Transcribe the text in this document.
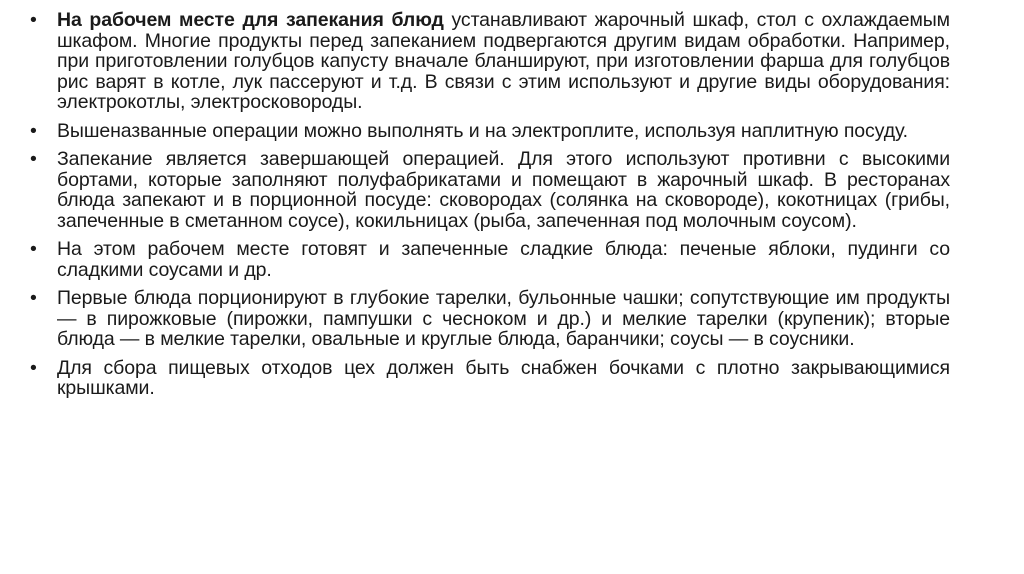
•	На рабочем месте для запекания блюд устанавливают жарочный шкаф, стол с охлаждаемым шкафом. Многие продукты перед запеканием подвергаются другим видам обработки. Например, при приготовлении голубцов капусту вначале бланшируют, при изготовлении фарша для голубцов рис варят в котле, лук пассеруют и т.д. В связи с этим используют и другие виды оборудования: электрокотлы, электросковороды.
•	Вышеназванные операции можно выполнять и на электроплите, используя наплитную посуду.
•	Запекание является завершающей операцией. Для этого используют противни с высокими бортами, которые заполняют полуфабрикатами и помещают в жарочный шкаф. В ресторанах блюда запекают и в порционной посуде: сковородах (солянка на сковороде), кокотницах (грибы, запеченные в сметанном соусе), кокильницах (рыба, запеченная под молочным соусом).
•	На этом рабочем месте готовят и запеченные сладкие блюда: печеные яблоки, пудинги со сладкими соусами и др.
•	Первые блюда порционируют в глубокие тарелки, бульонные чашки; сопутствующие им продукты — в пирожковые (пирожки, пампушки с чесноком и др.) и мелкие тарелки (крупеник); вторые блюда — в мелкие тарелки, овальные и круглые блюда, баранчики; соусы — в соусники.
•	Для сбора пищевых отходов цех должен быть снабжен бочками с плотно закрывающимися крышками.
